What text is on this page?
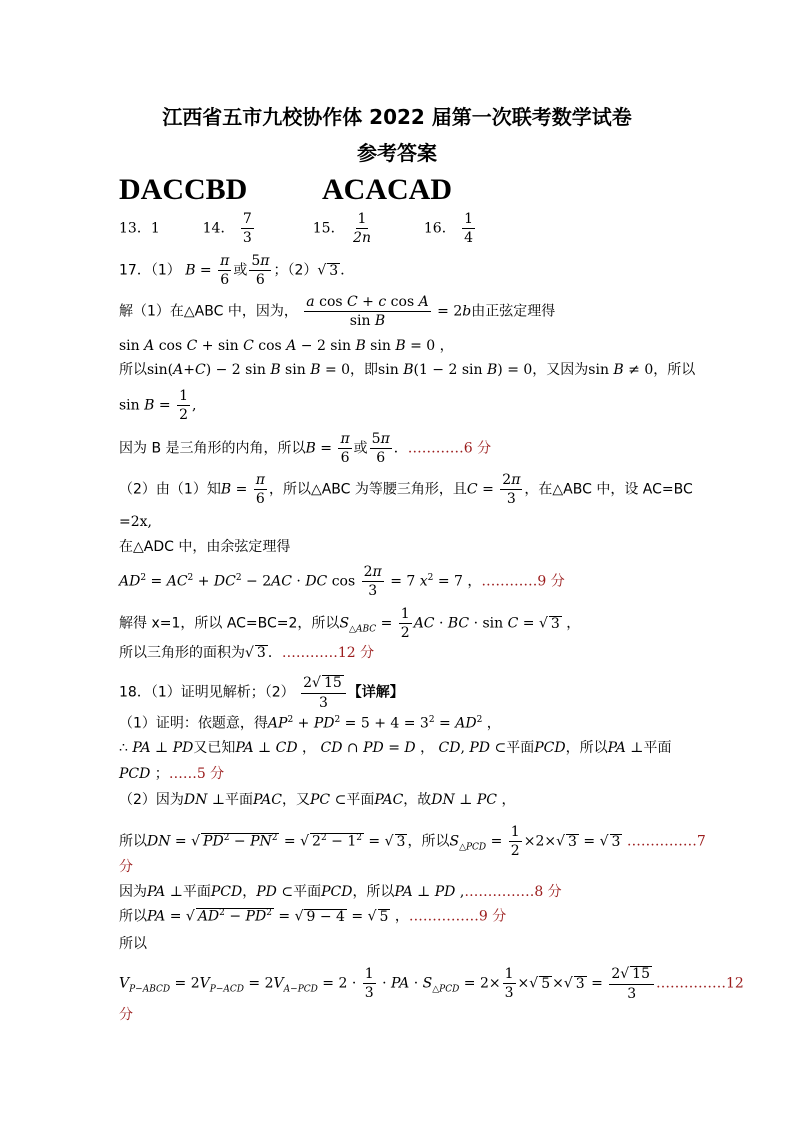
江西省五市九校协作体 2022 届第一次联考数学试卷
参考答案
DACCBD ACACAD
13．1	14． $\frac{7}{3}$	15． $\frac{1}{2n}$	16． $\frac{1}{4}$
17．（1） $B = \frac{\pi}{6}$ 或 $\frac{5\pi}{6}$ ；（2）√ 3 ．
解（1）在△ABC 中，因为， $\frac{\text{a cos C + c cos A}}{\text{sin B}} = 2b$由正弦定理得
sin A cos C + sin C cos A − 2 sin B sin B = 0 ，
所以sin(A+C) − 2 sin B sin B = 0，即sin B(1 − 2 sin B) = 0，又因为sin B ≠ 0，所以
$\sin B = \frac{1}{2}$ ,
因为 B 是三角形的内角，所以$B = \frac{\pi}{6}$ 或 $\frac{5\pi}{6}$ ．…………6 分
（2）由（1）知$B = \frac{\pi}{6}$ ，所以△ABC 为等腰三角形，且$C = \frac{2\pi}{3}$ ，在△ABC 中，设 AC=BC
=2x,
在△ADC 中，由余弦定理得
$AD^2 = AC^2 + DC^2 - 2AC$ · DC $\cos \frac{2\pi}{3} = 7$ $x^2 = 7$ ，…………9 分
解得 x=1，所以 AC=BC=2，所以$S_{\triangle ABC} = \frac{1}{2}$ AC · BC · sin C = √ 3 ，
所以三角形的面积为√ 3 ．…………12 分
18．（1）证明见解析；$(2) \frac{2√ 15}{3}$ 【详解】
（1）证明：依题意，得$AP^2 + PD^2 = 5 + 4 = 3^2 = AD^2$ ，
∴ PA ⊥ PD又已知PA ⊥ CD ， CD ∩ PD = D ， CD, PD ⊂平面PCD，所以PA ⊥平面
PCD ；……5 分
（2）因为DN ⊥平面PAC，又PC ⊂平面PAC，故DN ⊥ PC ，
所以DN = √ $PD^2 - PN^2$ = √ $2^2 - 1^2$ = √ 3 ，所以$S_{\triangle PCD} = \frac{1}{2} \times 2\times√$ 3 = √ 3 ……………7
分
因为PA ⊥平面PCD，PD ⊂平面PCD，所以PA ⊥ PD ,……………8 分
所以PA = √ $AD^2 - PD^2$ = √ 9 − 4 = √ 5 ，……………9 分
所以
$V_{P-ABCD} = 2V_{P-ACD} = 2V_{A-PCD} = 2 \cdot \frac{1}{3}$ · PA · $S_{\triangle PCD} = 2\times \frac{1}{3}$ ×√ 5 ×√ $3 = \frac{2√ 15}{3}$ ……………12
分
